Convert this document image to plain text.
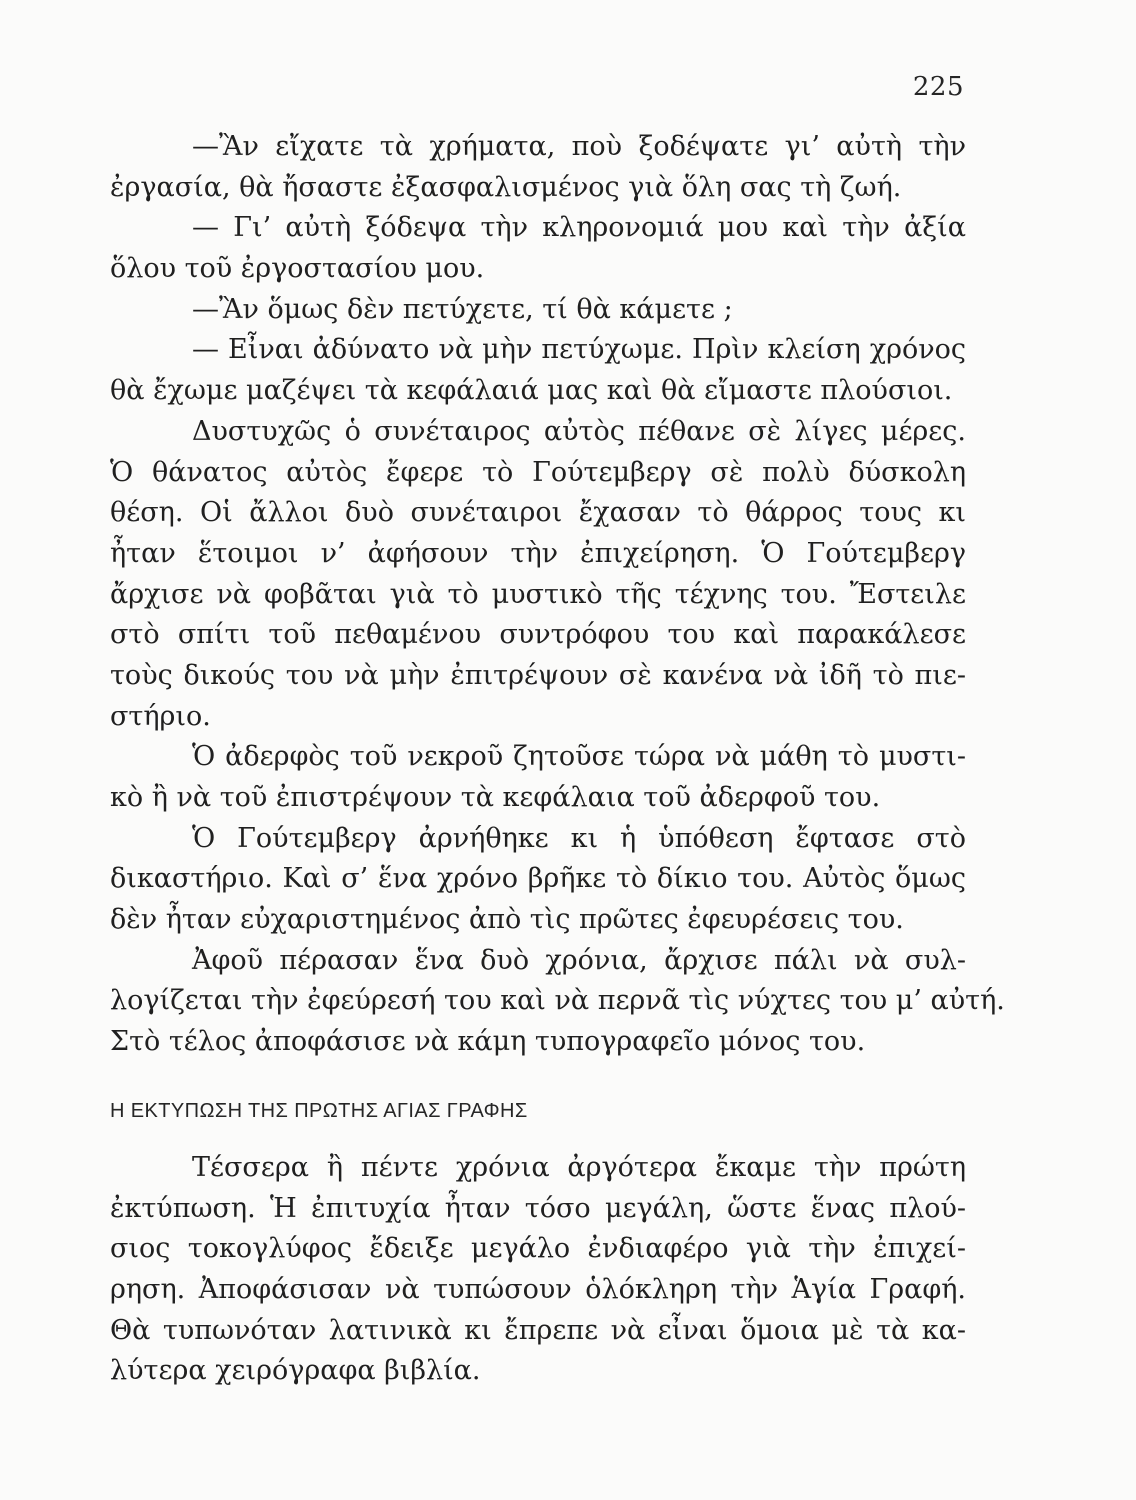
225
—Ἂν εἴχατε τὰ χρήματα, ποὺ ξοδέψατε γι’ αὐτὴ τὴν
ἐργασία, θὰ ἤσαστε ἐξασφαλισμένος γιὰ ὅλη σας τὴ ζωή.
— Γι’ αὐτὴ ξόδεψα τὴν κληρονομιά μου καὶ τὴν ἀξία
ὅλου τοῦ ἐργοστασίου μου.
—Ἂν ὅμως δὲν πετύχετε, τί θὰ κάμετε ;
— Εἶναι ἀδύνατο νὰ μὴν πετύχωμε. Πρὶν κλείση χρόνος
θὰ ἔχωμε μαζέψει τὰ κεφάλαιά μας καὶ θὰ εἴμαστε πλούσιοι.
Δυστυχῶς ὁ συνέταιρος αὐτὸς πέθανε σὲ λίγες μέρες.
Ὁ θάνατος αὐτὸς ἔφερε τὸ Γούτεμβεργ σὲ πολὺ δύσκολη
θέση. Οἱ ἄλλοι δυὸ συνέταιροι ἔχασαν τὸ θάρρος τους κι
ἦταν ἕτοιμοι ν’ ἀφήσουν τὴν ἐπιχείρηση. Ὁ Γούτεμβεργ
ἄρχισε νὰ φοβᾶται γιὰ τὸ μυστικὸ τῆς τέχνης του. Ἔστειλε
στὸ σπίτι τοῦ πεθαμένου συντρόφου του καὶ παρακάλεσε
τοὺς δικούς του νὰ μὴν ἐπιτρέψουν σὲ κανένα νὰ ἰδῆ τὸ πιε-
στήριο.
Ὁ ἀδερφὸς τοῦ νεκροῦ ζητοῦσε τώρα νὰ μάθη τὸ μυστι-
κὸ ἢ νὰ τοῦ ἐπιστρέψουν τὰ κεφάλαια τοῦ ἀδερφοῦ του.
Ὁ Γούτεμβεργ ἀρνήθηκε κι ἡ ὑπόθεση ἔφτασε στὸ
δικαστήριο. Καὶ σ’ ἕνα χρόνο βρῆκε τὸ δίκιο του. Αὐτὸς ὅμως
δὲν ἦταν εὐχαριστημένος ἀπὸ τὶς πρῶτες ἐφευρέσεις του.
Ἀφοῦ πέρασαν ἕνα δυὸ χρόνια, ἄρχισε πάλι νὰ συλ-
λογίζεται τὴν ἐφεύρεσή του καὶ νὰ περνᾶ τὶς νύχτες του μ’ αὐτή.
Στὸ τέλος ἀποφάσισε νὰ κάμη τυπογραφεῖο μόνος του.
Η ΕΚΤΥΠΩΣΗ ΤΗΣ ΠΡΩΤΗΣ ΑΓΙΑΣ ΓΡΑΦΗΣ
Τέσσερα ἢ πέντε χρόνια ἀργότερα ἔκαμε τὴν πρώτη
ἐκτύπωση. Ἡ ἐπιτυχία ἦταν τόσο μεγάλη, ὥστε ἕνας πλού-
σιος τοκογλύφος ἔδειξε μεγάλο ἐνδιαφέρο γιὰ τὴν ἐπιχεί-
ρηση. Ἀποφάσισαν νὰ τυπώσουν ὁλόκληρη τὴν Ἁγία Γραφή.
Θὰ τυπωνόταν λατινικὰ κι ἔπρεπε νὰ εἶναι ὅμοια μὲ τὰ κα-
λύτερα χειρόγραφα βιβλία.
